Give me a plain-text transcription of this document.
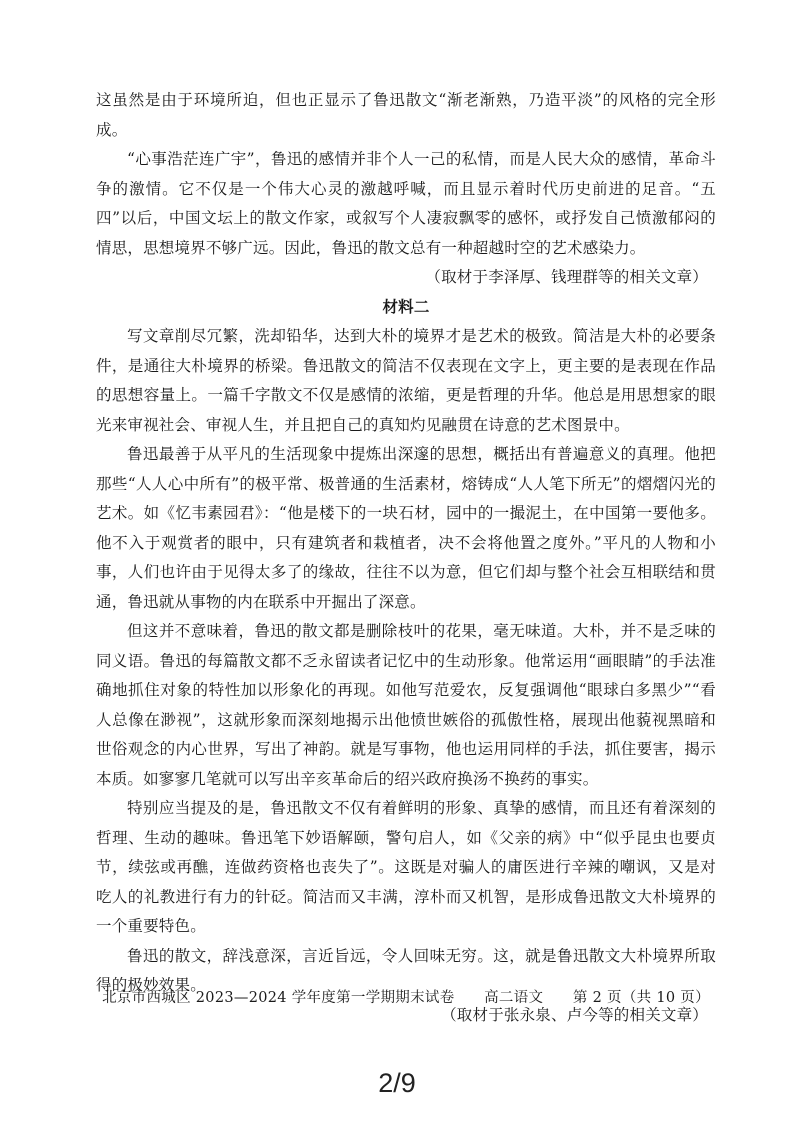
这虽然是由于环境所迫，但也正显示了鲁迅散文“渐老渐熟，乃造平淡”的风格的完全形成。

“心事浩茫连广宇”，鲁迅的感情并非个人一己的私情，而是人民大众的感情，革命斗争的激情。它不仅是一个伟大心灵的激越呼喊，而且显示着时代历史前进的足音。“五四”以后，中国文坛上的散文作家，或叙写个人凄寂飘零的感怀，或抒发自己愤激郁闷的情思，思想境界不够广远。因此，鲁迅的散文总有一种超越时空的艺术感染力。

（取材于李泽厚、钱理群等的相关文章）

材料二

写文章削尽冗繁，洗却铅华，达到大朴的境界才是艺术的极致。简洁是大朴的必要条件，是通往大朴境界的桥梁。鲁迅散文的简洁不仅表现在文字上，更主要的是表现在作品的思想容量上。一篇千字散文不仅是感情的浓缩，更是哲理的升华。他总是用思想家的眼光来审视社会、审视人生，并且把自己的真知灼见融贯在诗意的艺术图景中。

鲁迅最善于从平凡的生活现象中提炼出深邃的思想，概括出有普遍意义的真理。他把那些“人人心中所有”的极平常、极普通的生活素材，熔铸成“人人笔下所无”的熠熠闪光的艺术。如《忆韦素园君》：“他是楼下的一块石材，园中的一撮泥土，在中国第一要他多。他不入于观赏者的眼中，只有建筑者和栽植者，决不会将他置之度外。”平凡的人物和小事，人们也许由于见得太多了的缘故，往往不以为意，但它们却与整个社会互相联结和贯通，鲁迅就从事物的内在联系中开掘出了深意。

但这并不意味着，鲁迅的散文都是删除枝叶的花果，毫无味道。大朴，并不是乏味的同义语。鲁迅的每篇散文都不乏永留读者记忆中的生动形象。他常运用“画眼睛”的手法准确地抓住对象的特性加以形象化的再现。如他写范爱农，反复强调他“眼球白多黑少”“看人总像在渺视”，这就形象而深刻地揭示出他愤世嫉俗的孤傲性格，展现出他藐视黑暗和世俗观念的内心世界，写出了神韵。就是写事物，他也运用同样的手法，抓住要害，揭示本质。如寥寥几笔就可以写出辛亥革命后的绍兴政府换汤不换药的事实。

特别应当提及的是，鲁迅散文不仅有着鲜明的形象、真挚的感情，而且还有着深刻的哲理、生动的趣味。鲁迅笔下妙语解颐，警句启人，如《父亲的病》中“似乎昆虫也要贞节，续弦或再醮，连做药资格也丧失了”。这既是对骗人的庸医进行辛辣的嘲讽，又是对吃人的礼教进行有力的针砭。简洁而又丰满，淳朴而又机智，是形成鲁迅散文大朴境界的一个重要特色。

鲁迅的散文，辞浅意深，言近旨远，令人回味无穷。这，就是鲁迅散文大朴境界所取得的极妙效果。

（取材于张永泉、卢今等的相关文章）

北京市西城区 2023—2024 学年度第一学期期末试卷　　高二语文　　第 2 页（共 10 页）
2/9
